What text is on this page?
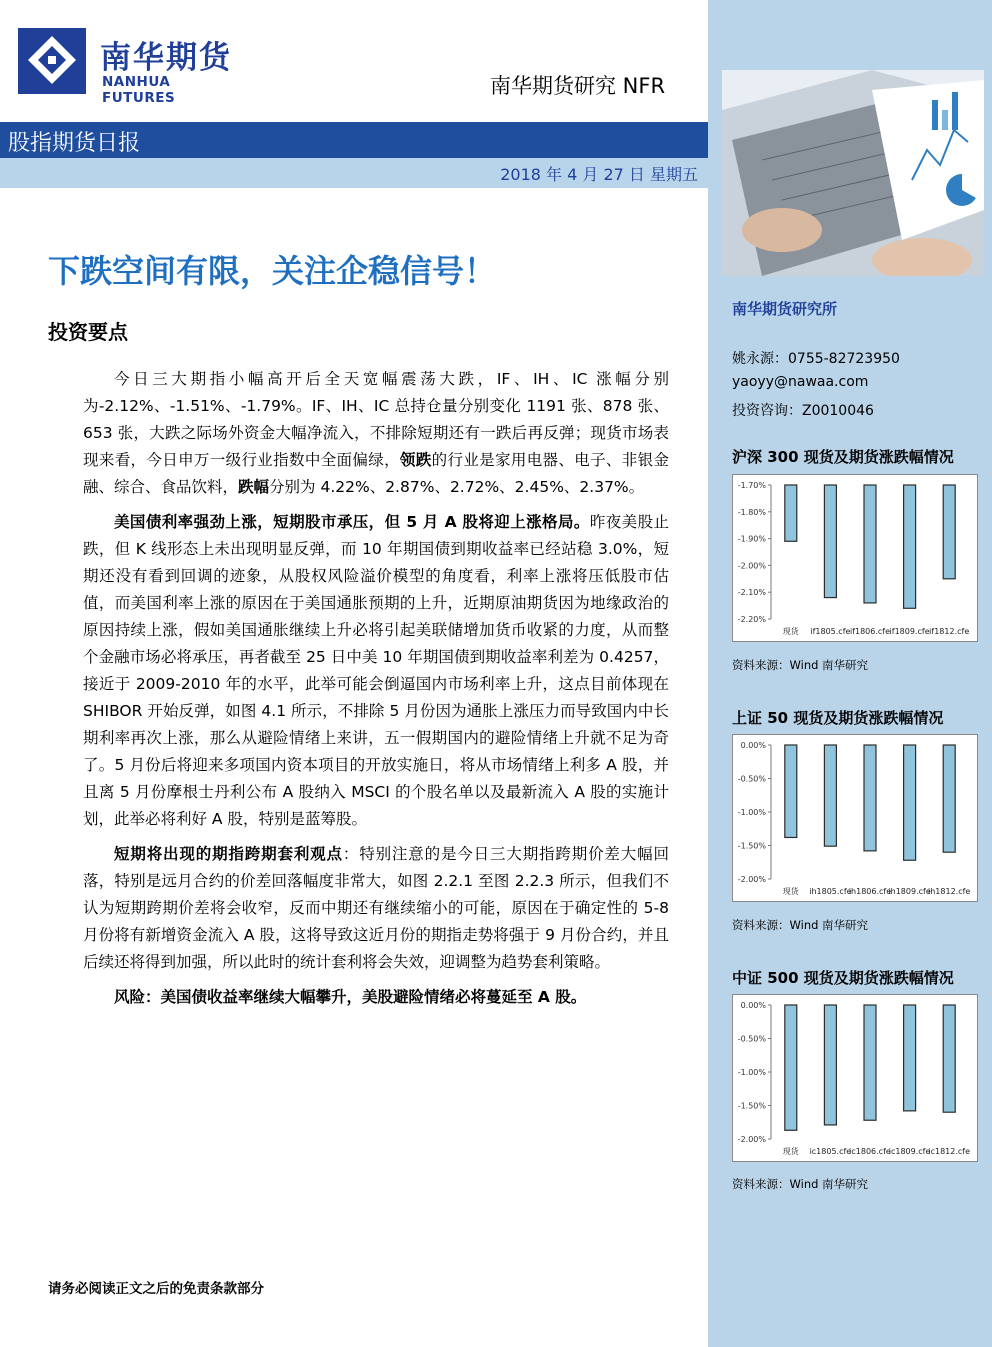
南华期货
NANHUA FUTURES	南华期货研究 NFR
股指期货日报
2018 年 4 月 27 日 星期五
下跌空间有限，关注企稳信号！
投资要点

今日三大期指小幅高开后全天宽幅震荡大跌，IF、IH、IC 涨幅分别为-2.12%、-1.51%、-1.79%。IF、IH、IC 总持仓量分别变化 1191 张、878 张、653 张，大跌之际场外资金大幅净流入，不排除短期还有一跌后再反弹；现货市场表现来看，今日申万一级行业指数中全面偏绿，领跌的行业是家用电器、电子、非银金融、综合、食品饮料，跌幅分别为 4.22%、2.87%、2.72%、2.45%、2.37%。

美国债利率强劲上涨，短期股市承压，但 5 月 A 股将迎上涨格局。昨夜美股止跌，但 K 线形态上未出现明显反弹，而 10 年期国债到期收益率已经站稳 3.0%，短期还没有看到回调的迹象，从股权风险溢价模型的角度看，利率上涨将压低股市估值，而美国利率上涨的原因在于美国通胀预期的上升，近期原油期货因为地缘政治的原因持续上涨，假如美国通胀继续上升必将引起美联储增加货币收紧的力度，从而整个金融市场必将承压，再者截至 25 日中美 10 年期国债到期收益率利差为 0.4257，接近于 2009-2010 年的水平，此举可能会倒逼国内市场利率上升，这点目前体现在 SHIBOR 开始反弹，如图 4.1 所示，不排除 5 月份因为通胀上涨压力而导致国内中长期利率再次上涨，那么从避险情绪上来讲，五一假期国内的避险情绪上升就不足为奇了。5 月份后将迎来多项国内资本项目的开放实施日，将从市场情绪上利多 A 股，并且离 5 月份摩根士丹利公布 A 股纳入 MSCI 的个股名单以及最新流入 A 股的实施计划，此举必将利好 A 股，特别是蓝筹股。

短期将出现的期指跨期套利观点：特别注意的是今日三大期指跨期价差大幅回落，特别是远月合约的价差回落幅度非常大，如图 2.2.1 至图 2.2.3 所示，但我们不认为短期跨期价差将会收窄，反而中期还有继续缩小的可能，原因在于确定性的 5-8 月份将有新增资金流入 A 股，这将导致这近月份的期指走势将强于 9 月份合约，并且后续还将得到加强，所以此时的统计套利将会失效，迎调整为趋势套利策略。

风险：美国债收益率继续大幅攀升，美股避险情绪必将蔓延至 A 股。

请务必阅读正文之后的免责条款部分
南华期货研究所
姚永源：0755-82723950
yaoyy@nawaa.com
投资咨询：Z0010046
沪深 300 现货及期货涨跌幅情况
-1.70%
-1.80%
-1.90%
-2.00%
-2.10%
-2.20%
现货 if1805.cfe if1806.cfe if1809.cfe if1812.cfe
资料来源：Wind 南华研究
上证 50 现货及期货涨跌幅情况
0.00%
-0.50%
-1.00%
-1.50%
-2.00%
现货 ih1805.cfe
ih1806.cfe
ih1809.cfe
ih1812.cfe
资料来源：Wind 南华研究
中证 500 现货及期货涨跌幅情况
0.00%
-0.50%
-1.00%
-1.50%
-2.00%
现货 ic1805.cfe
ic1806.cfe
ic1809.cfe
ic1812.cfe
资料来源：Wind 南华研究
